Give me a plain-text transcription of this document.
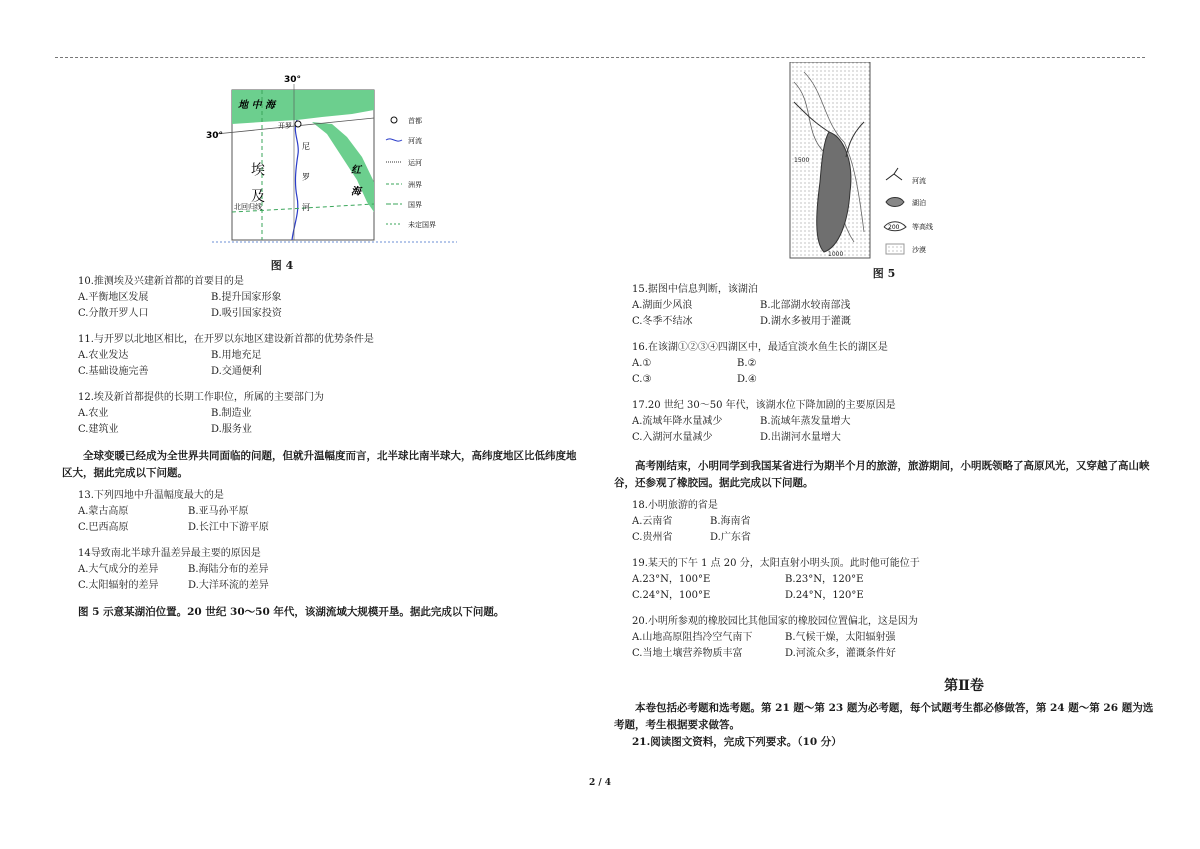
30°
30°
地 中 海
开罗
埃 及	尼 罗 河	红 海
北回归线
首都
河流
运河
洲界
国界
未定国界
图 4
10.推测埃及兴建新首都的首要目的是
A.平衡地区发展	B.提升国家形象
C.分散开罗人口	D.吸引国家投资
11.与开罗以北地区相比，在开罗以东地区建设新首都的优势条件是
A.农业发达	B.用地充足
C.基础设施完善	D.交通便利
12.埃及新首都提供的长期工作职位，所属的主要部门为
A.农业	B.制造业
C.建筑业	D.服务业
全球变暖已经成为全世界共同面临的问题，但就升温幅度而言，北半球比南半球大，高纬度地区比低纬度地区大，据此完成以下问题。
13.下列四地中升温幅度最大的是
A.蒙古高原	B.亚马孙平原
C.巴西高原	D.长江中下游平原
14导致南北半球升温差异最主要的原因是
A.大气成分的差异	B.海陆分布的差异
C.太阳辐射的差异	D.大洋环流的差异
图 5 示意某湖泊位置。20 世纪 30～50 年代，该湖流域大规模开垦。据此完成以下问题。
1500
1000
河流
湖泊
200 等高线
沙漠
图 5
15.据图中信息判断，该湖泊
A.湖面少风浪	B.北部湖水较南部浅
C.冬季不结冰	D.湖水多被用于灌溉
16.在该湖①②③④四湖区中，最适宜淡水鱼生长的湖区是
A.①	B.②
C.③	D.④
17.20 世纪 30～50 年代，该湖水位下降加剧的主要原因是
A.流域年降水量减少	B.流域年蒸发量增大
C.入湖河水量减少	D.出湖河水量增大
高考刚结束，小明同学到我国某省进行为期半个月的旅游，旅游期间，小明既领略了高原风光，又穿越了高山峡谷，还参观了橡胶园。据此完成以下问题。
18.小明旅游的省是
A.云南省	B.海南省
C.贵州省	D.广东省
19.某天的下午 1 点 20 分，太阳直射小明头顶。此时他可能位于
A.23°N，100°E	B.23°N，120°E
C.24°N，100°E	D.24°N，120°E
20.小明所参观的橡胶园比其他国家的橡胶园位置偏北，这是因为
A.山地高原阻挡冷空气南下	B.气候干燥，太阳辐射强
C.当地土壤营养物质丰富	D.河流众多，灌溉条件好
第Ⅱ卷
本卷包括必考题和选考题。第 21 题～第 23 题为必考题，每个试题考生都必修做答，第 24 题～第 26 题为选考题，考生根据要求做答。
21.阅读图文资料，完成下列要求。（10 分）
2 / 4
